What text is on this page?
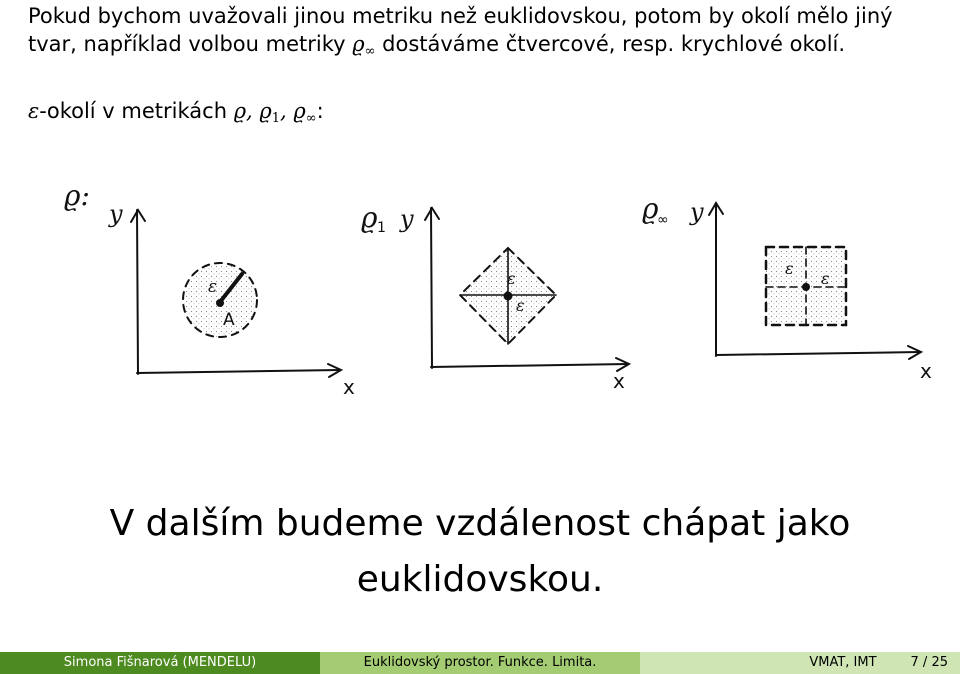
Pokud bychom uvažovali jinou metriku než euklidovskou, potom by okolí mělo jiný
tvar, například volbou metriky $ϱ_\infty$ dostáváme čtvercové, resp. krychlové okolí.
ε-okolí v metrikách ϱ, $ϱ_1$, $ϱ_\infty$:
ϱ:
y
x
ε
A
ϱ 1 y
x
ε
ε
ϱ
∞ y
x
ε
ε
V dalším budeme vzdálenost chápat jako
euklidovskou.
Simona Fišnarová (MENDELU)	Euklidovský prostor. Funkce. Limita.	VMAT, IMT	7 / 25
